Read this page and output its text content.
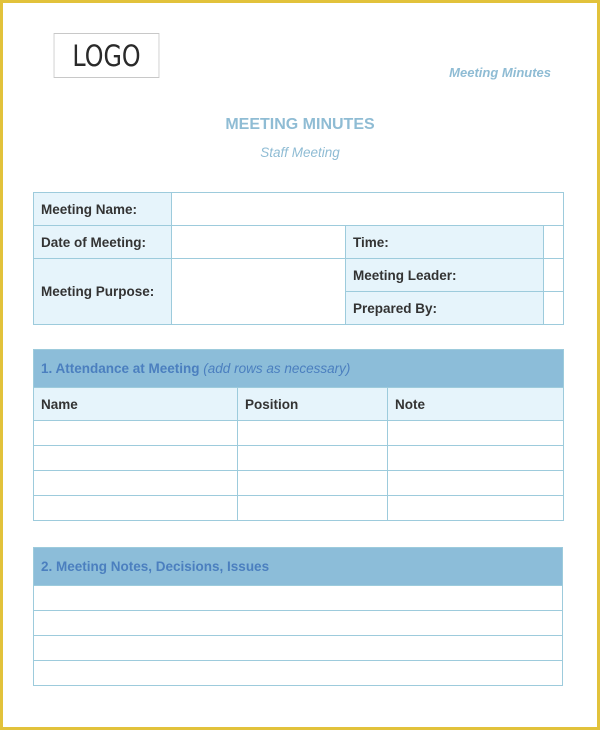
LOGO	Meeting Minutes
MEETING MINUTES
Staff Meeting
Meeting Name:			
Date of Meeting:		Time:	
Meeting Purpose:		Meeting Leader:	
		Prepared By:	
1. Attendance at Meeting (add rows as necessary)		
Name	Position	Note

2. Meeting Notes, Decisions, Issues
